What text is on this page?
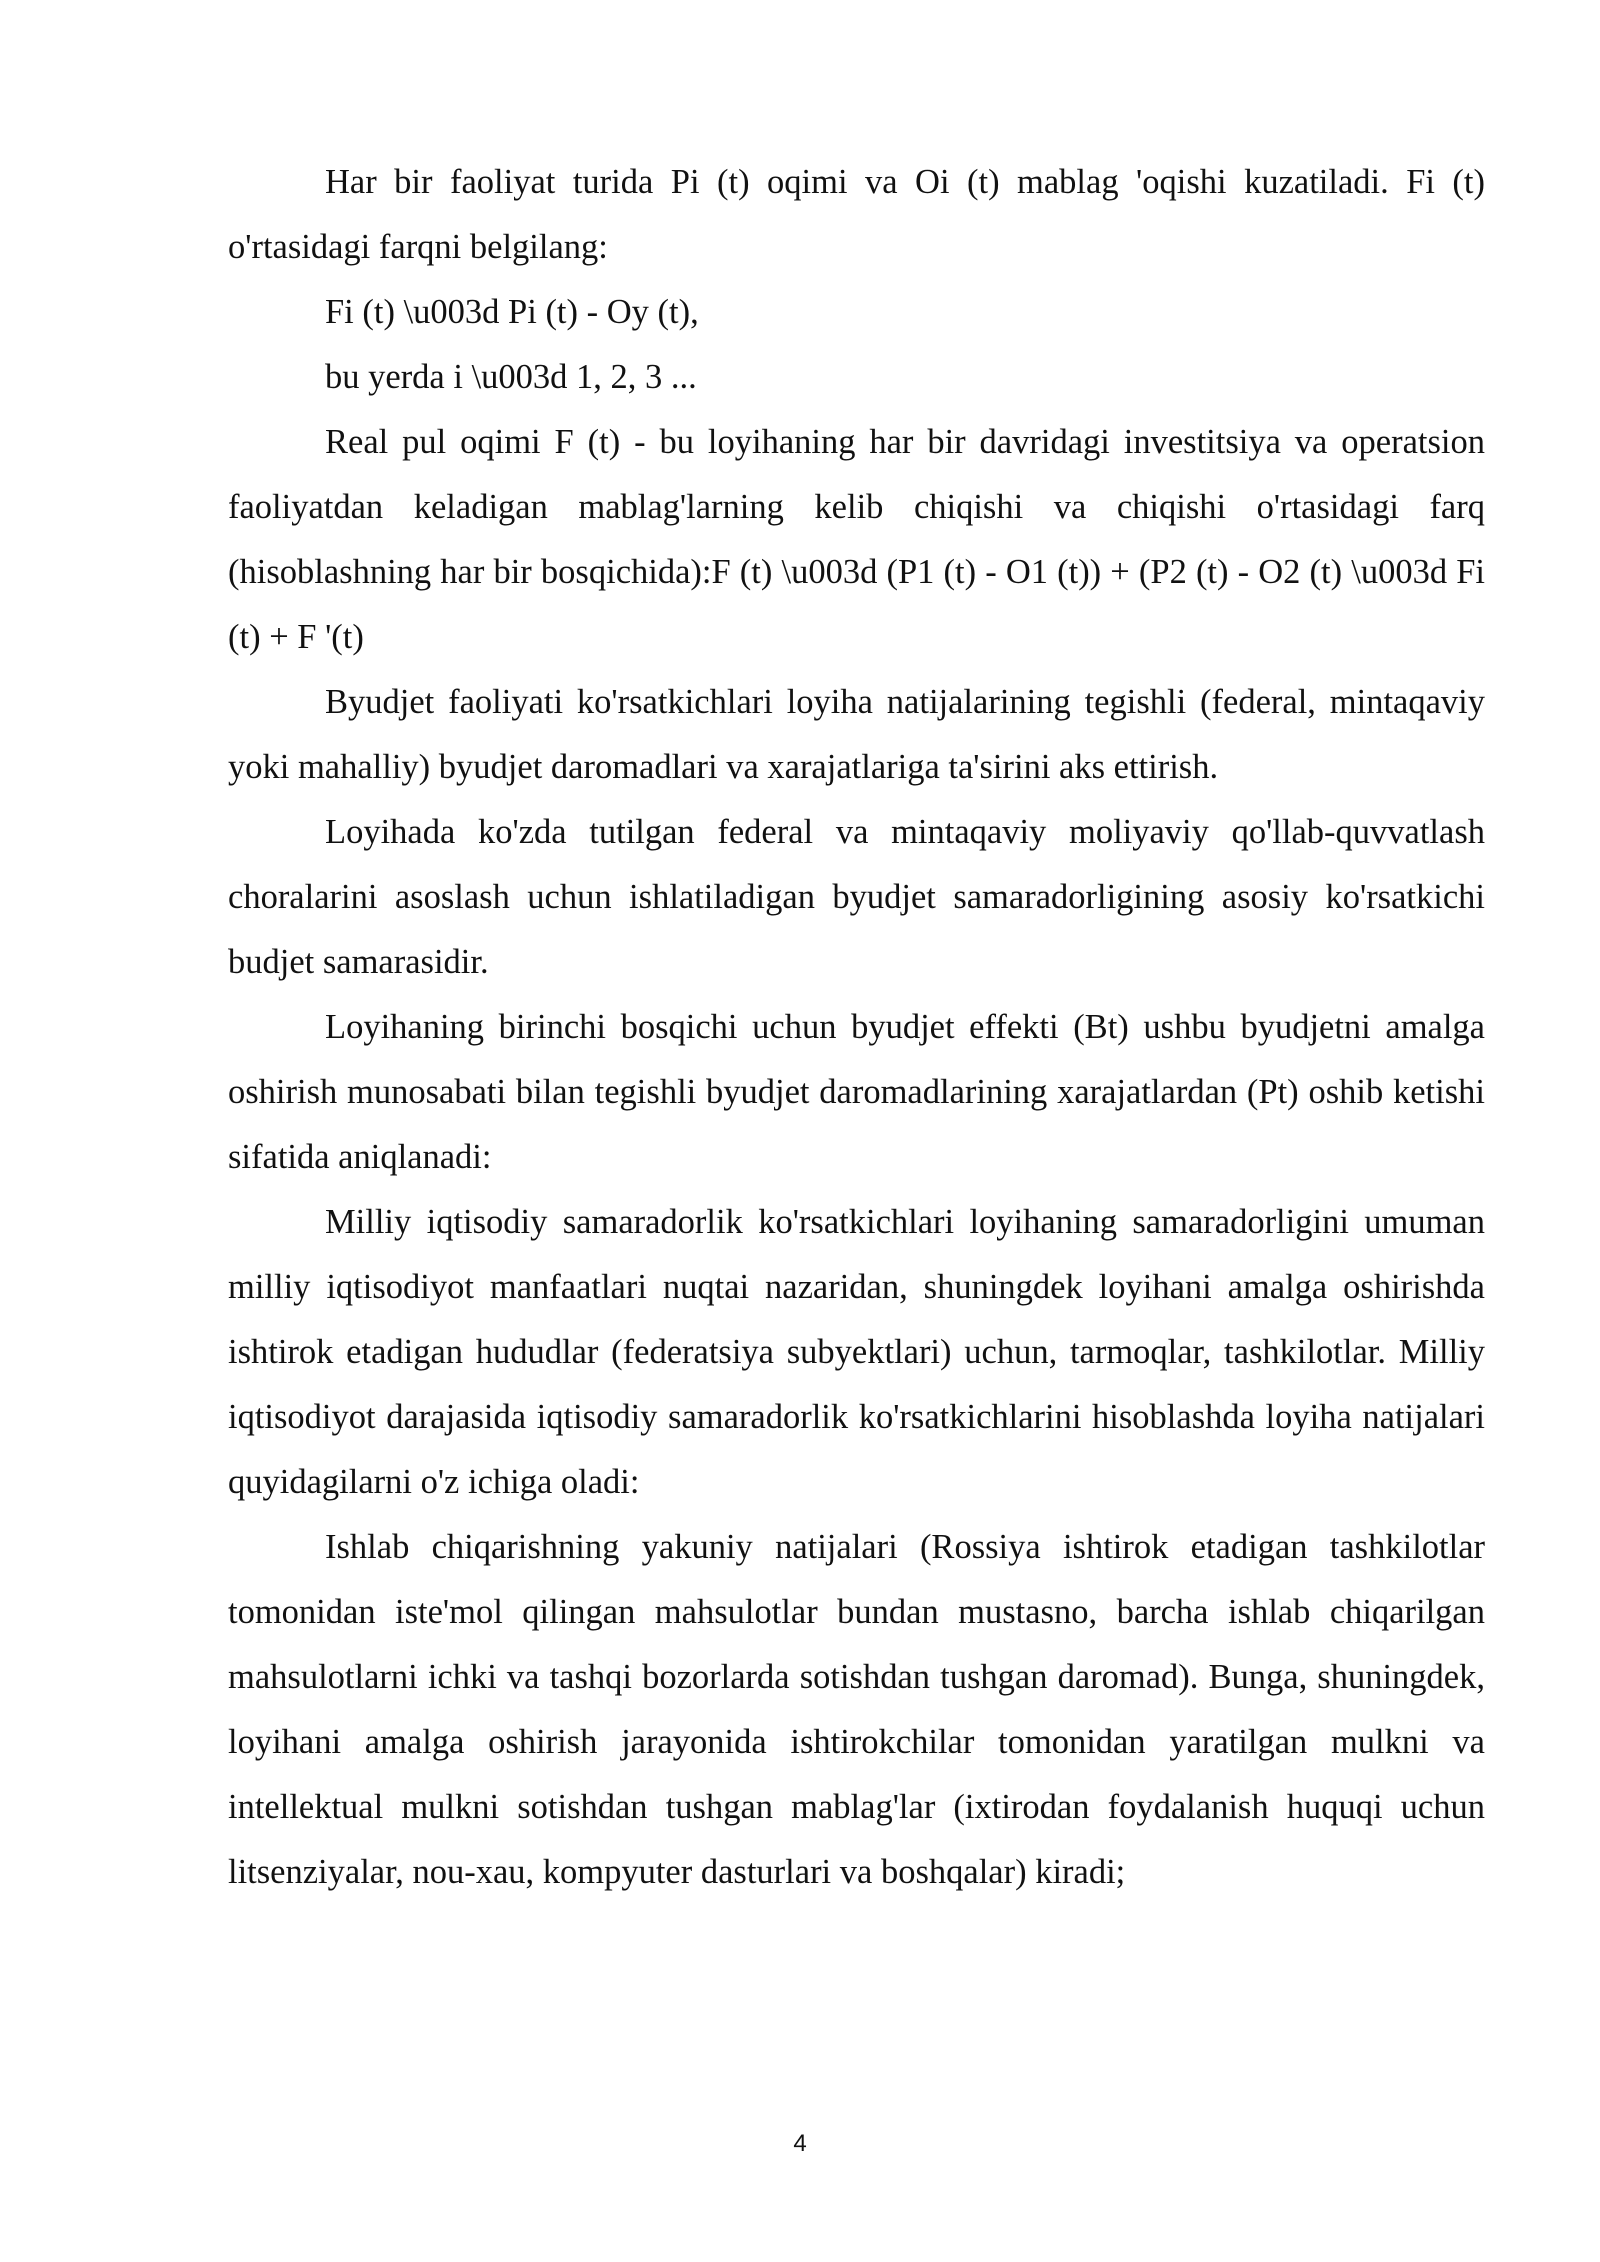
Har bir faoliyat turida Pi (t) oqimi va Oi (t) mablag 'oqishi kuzatiladi. Fi (t) o'rtasidagi farqni belgilang:

Fi (t) \u003d Pi (t) - Oy (t),

bu yerda i \u003d 1, 2, 3 ...

Real pul oqimi F (t) - bu loyihaning har bir davridagi investitsiya va operatsion faoliyatdan keladigan mablag'larning kelib chiqishi va chiqishi o'rtasidagi farq (hisoblashning har bir bosqichida):F (t) \u003d (P1 (t) - O1 (t)) + (P2 (t) - O2 (t) \u003d Fi (t) + F '(t)

Byudjet faoliyati ko'rsatkichlari loyiha natijalarining tegishli (federal, mintaqaviy yoki mahalliy) byudjet daromadlari va xarajatlariga ta'sirini aks ettirish.

Loyihada ko'zda tutilgan federal va mintaqaviy moliyaviy qo'llab-quvvatlash choralarini asoslash uchun ishlatiladigan byudjet samaradorligining asosiy ko'rsatkichi budjet samarasidir.

Loyihaning birinchi bosqichi uchun byudjet effekti (Bt) ushbu byudjetni amalga oshirish munosabati bilan tegishli byudjet daromadlarining xarajatlardan (Pt) oshib ketishi sifatida aniqlanadi:

Milliy iqtisodiy samaradorlik ko'rsatkichlari loyihaning samaradorligini umuman milliy iqtisodiyot manfaatlari nuqtai nazaridan, shuningdek loyihani amalga oshirishda ishtirok etadigan hududlar (federatsiya subyektlari) uchun, tarmoqlar, tashkilotlar. Milliy iqtisodiyot darajasida iqtisodiy samaradorlik ko'rsatkichlarini hisoblashda loyiha natijalari quyidagilarni o'z ichiga oladi:

Ishlab chiqarishning yakuniy natijalari (Rossiya ishtirok etadigan tashkilotlar tomonidan iste'mol qilingan mahsulotlar bundan mustasno, barcha ishlab chiqarilgan mahsulotlarni ichki va tashqi bozorlarda sotishdan tushgan daromad). Bunga, shuningdek, loyihani amalga oshirish jarayonida ishtirokchilar tomonidan yaratilgan mulkni va intellektual mulkni sotishdan tushgan mablag'lar (ixtirodan foydalanish huquqi uchun litsenziyalar, nou-xau, kompyuter dasturlari va boshqalar) kiradi;

4
